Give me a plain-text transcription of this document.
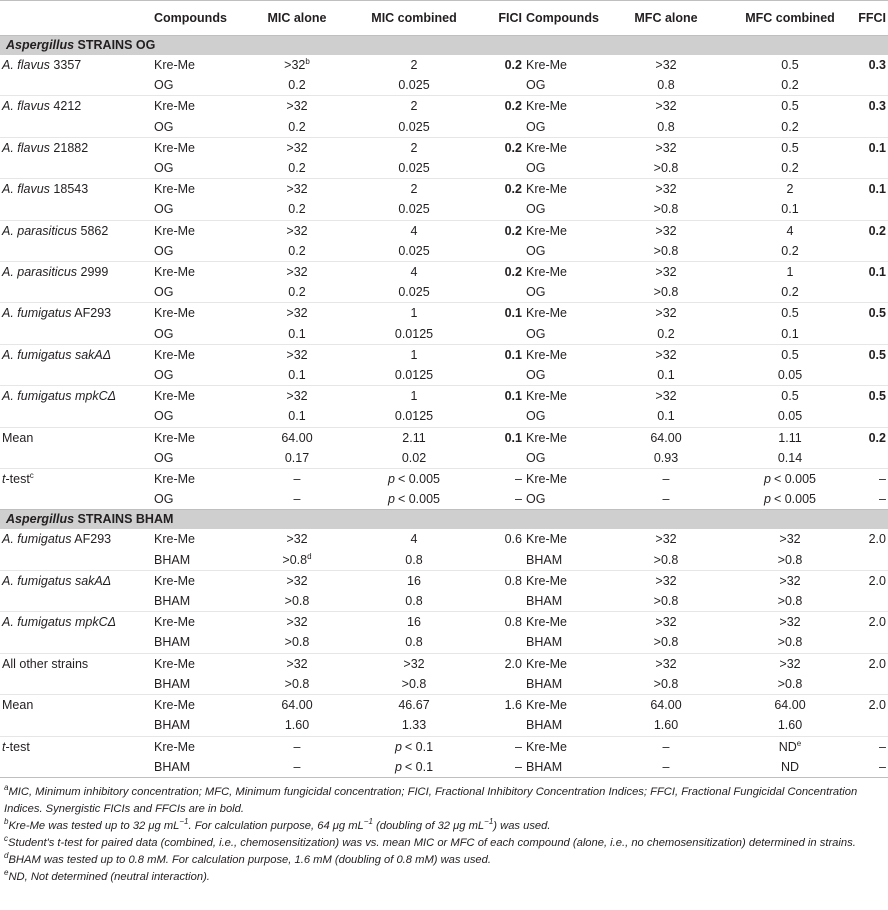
	Compounds	MIC alone	MIC combined	FICI	Compounds	MFC alone	MFC combined	FFCI
Aspergillus STRAINS OG								
A. flavus 3357	Kre-Me	$>32^b$	2	0.2	Kre-Me	>32	0.5	0.3
	OG	0.2	0.025		OG	0.8	0.2	
A. flavus 4212	Kre-Me	>32	2	0.2	Kre-Me	>32	0.5	0.3
	OG	0.2	0.025		OG	0.8	0.2	
A. flavus 21882	Kre-Me	>32	2	0.2	Kre-Me	>32	0.5	0.1
	OG	0.2	0.025		OG	>0.8	0.2	
A. flavus 18543	Kre-Me	>32	2	0.2	Kre-Me	>32	2	0.1
	OG	0.2	0.025		OG	>0.8	0.1	
A. parasiticus 5862	Kre-Me	>32	4	0.2	Kre-Me	>32	4	0.2
	OG	0.2	0.025		OG	>0.8	0.2	
A. parasiticus 2999	Kre-Me	>32	4	0.2	Kre-Me	>32	1	0.1
	OG	0.2	0.025		OG	>0.8	0.2	
A. fumigatus AF293	Kre-Me	>32	1	0.1	Kre-Me	>32	0.5	0.5
	OG	0.1	0.0125		OG	0.2	0.1	
A. fumigatus sakAΔ	Kre-Me	>32	1	0.1	Kre-Me	>32	0.5	0.5
	OG	0.1	0.0125		OG	0.1	0.05	
A. fumigatus mpkCΔ	Kre-Me	>32	1	0.1	Kre-Me	>32	0.5	0.5
	OG	0.1	0.0125		OG	0.1	0.05	
Mean	Kre-Me	64.00	2.11	0.1	Kre-Me	64.00	1.11	0.2
	OG	0.17	0.02		OG	0.93	0.14	
t-test$^c$	Kre-Me	–	p < 0.005	–	Kre-Me	–	p < 0.005	–
	OG	–	p < 0.005	–	OG	–	p < 0.005	–
Aspergillus STRAINS BHAM								
A. fumigatus AF293	Kre-Me	>32	4	0.6	Kre-Me	>32	>32	2.0
	BHAM	>0.8$^d$	0.8		BHAM	>0.8	>0.8	
A. fumigatus sakAΔ	Kre-Me	>32	16	0.8	Kre-Me	>32	>32	2.0
	BHAM	>0.8	0.8		BHAM	>0.8	>0.8	
A. fumigatus mpkCΔ	Kre-Me	>32	16	0.8	Kre-Me	>32	>32	2.0
	BHAM	>0.8	0.8		BHAM	>0.8	>0.8	
All other strains	Kre-Me	>32	>32	2.0	Kre-Me	>32	>32	2.0
	BHAM	>0.8	>0.8		BHAM	>0.8	>0.8	
Mean	Kre-Me	64.00	46.67	1.6	Kre-Me	64.00	64.00	2.0
	BHAM	1.60	1.33		BHAM	1.60	1.60	
t-test	Kre-Me	–	p < 0.1	–	Kre-Me	–	$ND^e$	–
	BHAM	–	p < 0.1	–	BHAM	–	ND	–

$^a$MIC, Minimum inhibitory concentration; MFC, Minimum fungicidal concentration; FICI, Fractional Inhibitory Concentration Indices; FFCI, Fractional Fungicidal Concentration Indices. Synergistic FICIs and FFCIs are in bold.

$^b$Kre-Me was tested up to 32 μg $mL^{-1}$. For calculation purpose, 64 μg $mL^{-1}$ (doubling of 32 μg $mL^{-1}$) was used.

$^c$Student's t-test for paired data (combined, i.e., chemosensitization) was vs. mean MIC or MFC of each compound (alone, i.e., no chemosensitization) determined in strains.

$^d$BHAM was tested up to 0.8 mM. For calculation purpose, 1.6 mM (doubling of 0.8 mM) was used.

$^e$ND, Not determined (neutral interaction).
